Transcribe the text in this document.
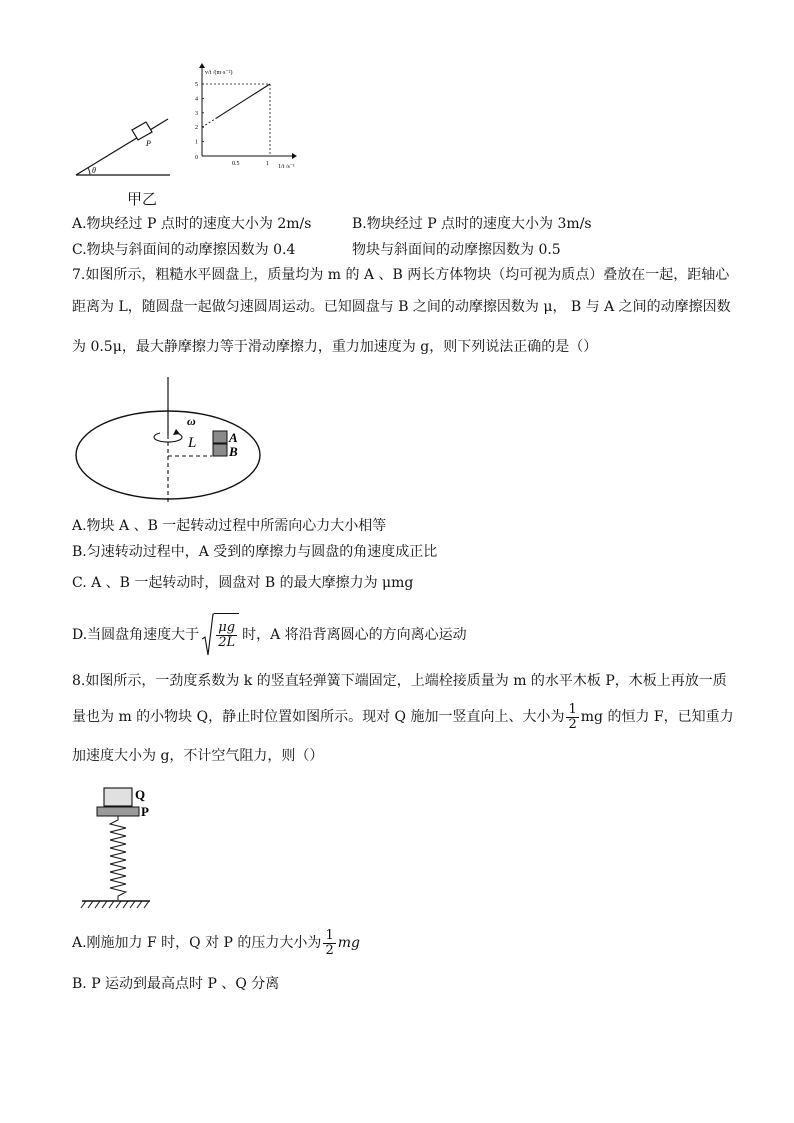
P
θ
v/t /(m·s⁻²)
1/t /s⁻¹
0
1
2
3
4
5
0.5	1
甲乙
A.物块经过 P 点时的速度大小为 2m/s	B.物块经过 P 点时的速度大小为 3m/s
C.物块与斜面间的动摩擦因数为 0.4	物块与斜面间的动摩擦因数为 0.5
7.如图所示，粗糙水平圆盘上，质量均为 m 的 A 、B 两长方体物块（均可视为质点）叠放在一起，距轴心
距离为 L，随圆盘一起做匀速圆周运动。已知圆盘与 B 之间的动摩擦因数为 μ， B 与 A 之间的动摩擦因数
为 0.5μ，最大静摩擦力等于滑动摩擦力，重力加速度为 g，则下列说法正确的是（）
ω
L	A
B
A.物块 A 、B 一起转动过程中所需向心力大小相等
B.匀速转动过程中，A 受到的摩擦力与圆盘的角速度成正比
C. A 、B 一起转动时，圆盘对 B 的最大摩擦力为 μmg
D.当圆盘角速度大于 $\frac{\mu g}{2L}$ 时，A 将沿背离圆心的方向离心运动
8.如图所示，一劲度系数为 k 的竖直轻弹簧下端固定，上端栓接质量为 m 的水平木板 P，木板上再放一质
量也为 m 的小物块 Q，静止时位置如图所示。现对 Q 施加一竖直向上、大小为 $\frac{1}{2}$ mg 的恒力 F，已知重力
加速度大小为 g，不计空气阻力，则（）
Q
P
A.刚施加力 F 时，Q 对 P 的压力大小为 $\frac{1}{2}$ mg
B. P 运动到最高点时 P 、Q 分离
